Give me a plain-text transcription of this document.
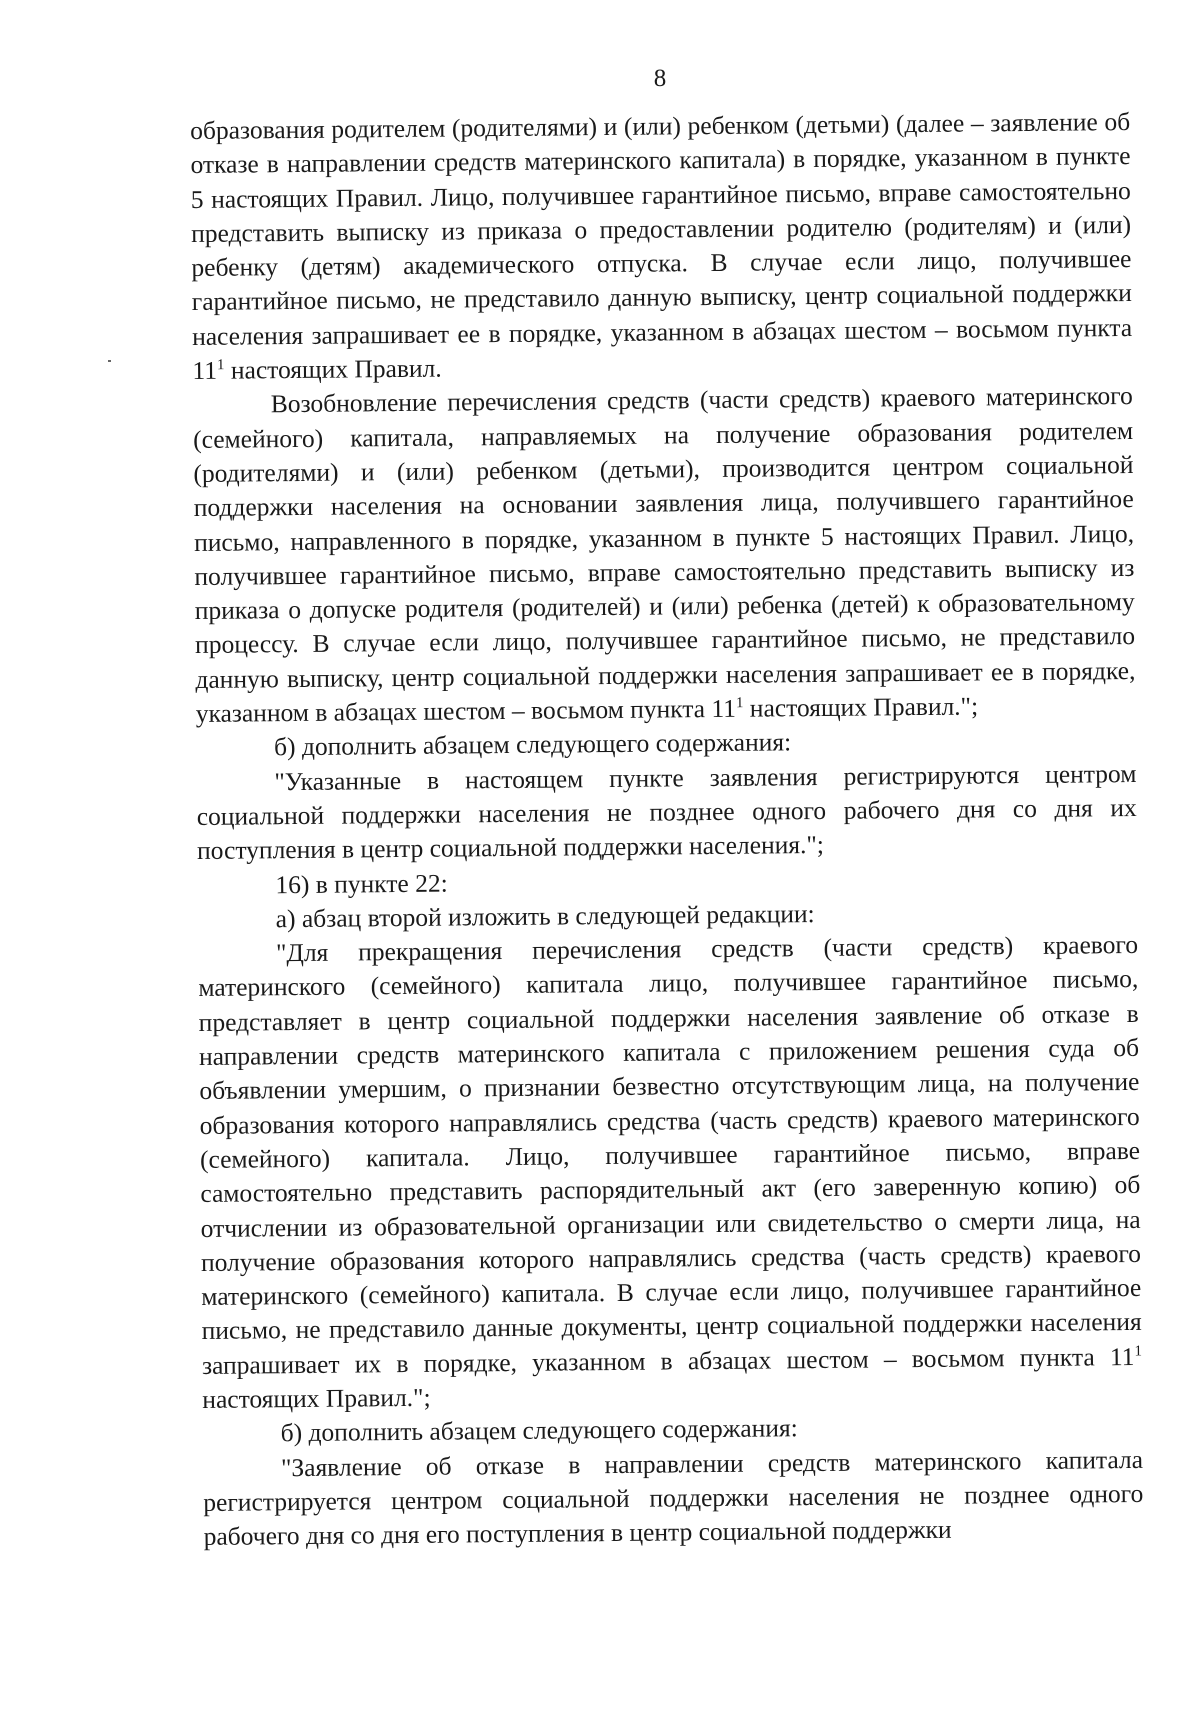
8

образования родителем (родителями) и (или) ребенком (детьми) (далее – заявление об отказе в направлении средств материнского капитала) в порядке, указанном в пункте 5 настоящих Правил. Лицо, получившее гарантийное письмо, вправе самостоятельно представить выписку из приказа о предоставлении родителю (родителям) и (или) ребенку (детям) академического отпуска. В случае если лицо, получившее гарантийное письмо, не представило данную выписку, центр социальной поддержки населения запрашивает ее в порядке, указанном в абзацах шестом – восьмом пункта $11^1$ настоящих Правил.

Возобновление перечисления средств (части средств) краевого материнского (семейного) капитала, направляемых на получение образования родителем (родителями) и (или) ребенком (детьми), производится центром социальной поддержки населения на основании заявления лица, получившего гарантийное письмо, направленного в порядке, указанном в пункте 5 настоящих Правил. Лицо, получившее гарантийное письмо, вправе самостоятельно представить выписку из приказа о допуске родителя (родителей) и (или) ребенка (детей) к образовательному процессу. В случае если лицо, получившее гарантийное письмо, не представило данную выписку, центр социальной поддержки населения запрашивает ее в порядке, указанном в абзацах шестом – восьмом пункта $11^1$ настоящих Правил.";

б) дополнить абзацем следующего содержания:

"Указанные в настоящем пункте заявления регистрируются центром социальной поддержки населения не позднее одного рабочего дня со дня их поступления в центр социальной поддержки населения.";

16) в пункте 22:

а) абзац второй изложить в следующей редакции:

"Для прекращения перечисления средств (части средств) краевого материнского (семейного) капитала лицо, получившее гарантийное письмо, представляет в центр социальной поддержки населения заявление об отказе в направлении средств материнского капитала с приложением решения суда об объявлении умершим, о признании безвестно отсутствующим лица, на получение образования которого направлялись средства (часть средств) краевого материнского (семейного) капитала. Лицо, получившее гарантийное письмо, вправе самостоятельно представить распорядительный акт (его заверенную копию) об отчислении из образовательной организации или свидетельство о смерти лица, на получение образования которого направлялись средства (часть средств) краевого материнского (семейного) капитала. В случае если лицо, получившее гарантийное письмо, не представило данные документы, центр социальной поддержки населения запрашивает их в порядке, указанном в абзацах шестом – восьмом пункта $11^1$ настоящих Правил.";

б) дополнить абзацем следующего содержания:

"Заявление об отказе в направлении средств материнского капитала регистрируется центром социальной поддержки населения не позднее одного рабочего дня со дня его поступления в центр социальной поддержки
